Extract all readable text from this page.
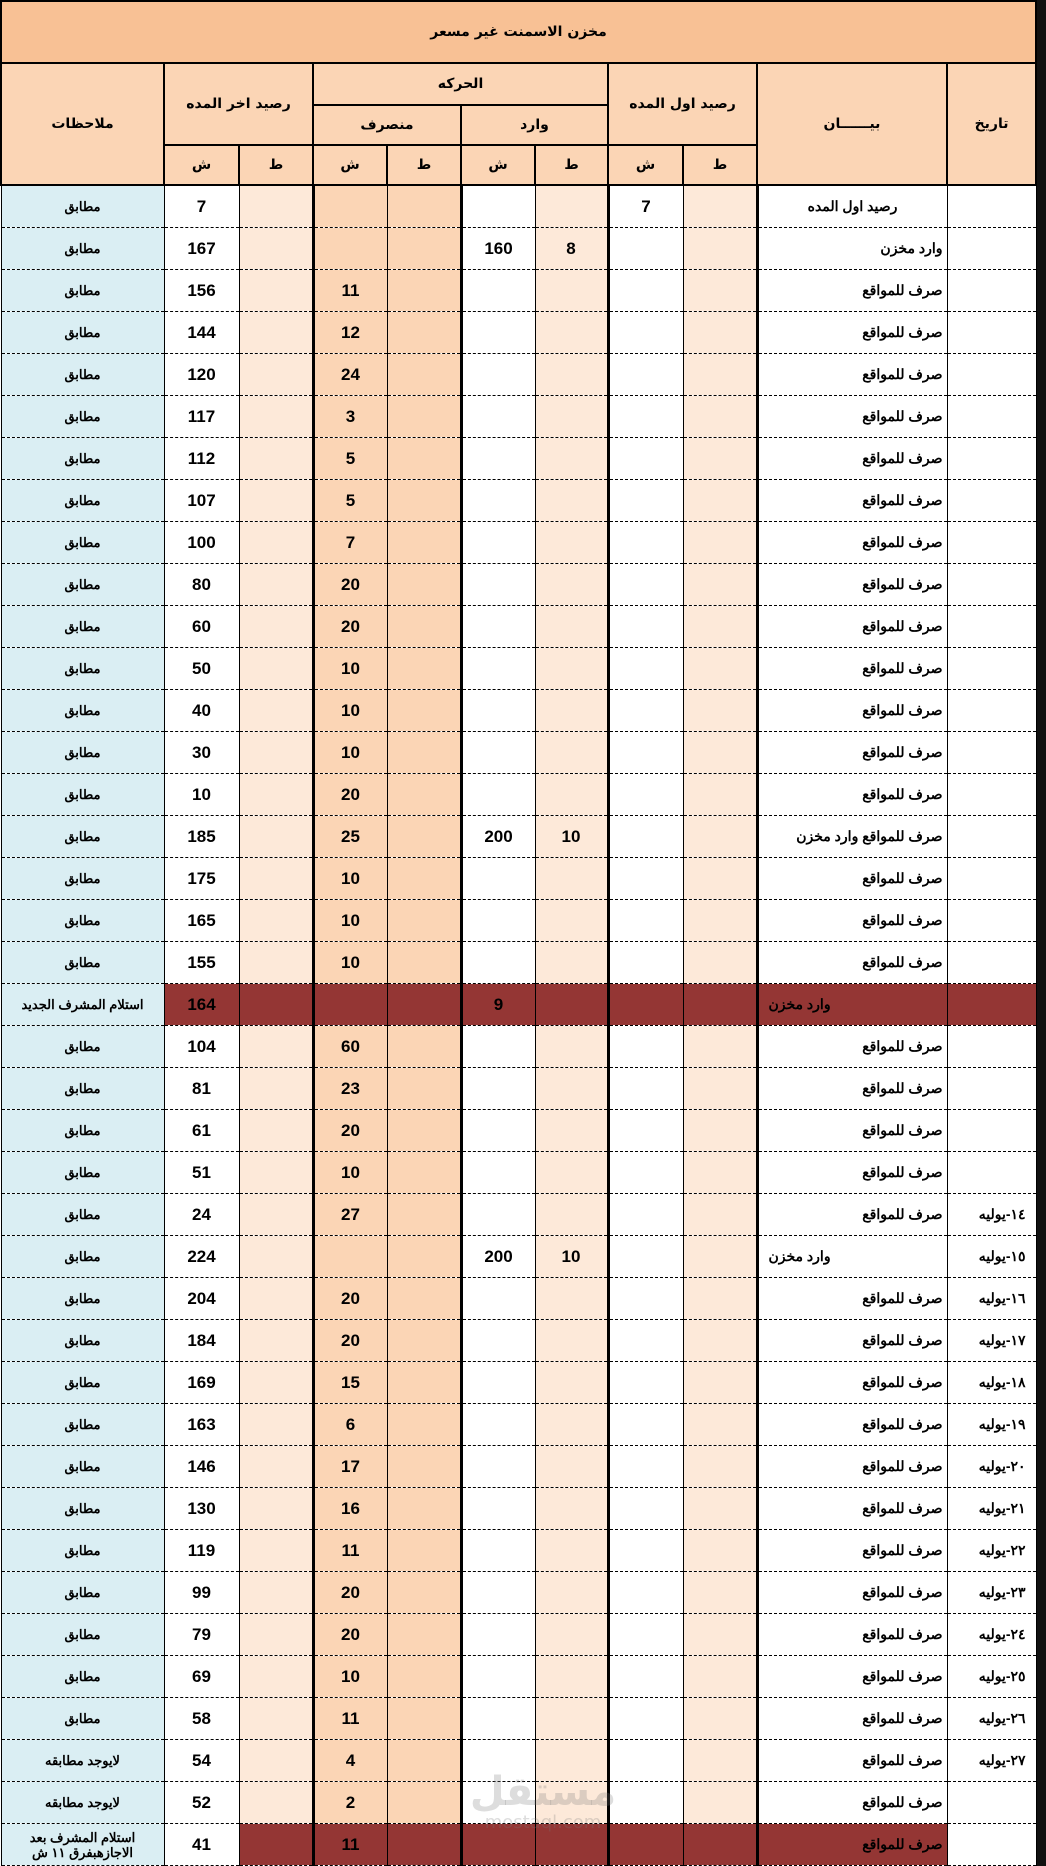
مخزن الاسمنت غير مسعر										
ملاحظات	رصيد اخر المده		الحركه				رصيد اول المده		بيــــــان	تاريخ
			منصرف		وارد					
	ش	ط	ش	ط	ش	ط	ش	ط		
مطابق	7						7		رصيد اول المده	
مطابق	167				160	8			وارد مخزن	
مطابق	156		11						صرف للمواقع	
مطابق	144		12						صرف للمواقع	
مطابق	120		24						صرف للمواقع	
مطابق	117		3						صرف للمواقع	
مطابق	112		5						صرف للمواقع	
مطابق	107		5						صرف للمواقع	
مطابق	100		7						صرف للمواقع	
مطابق	80		20						صرف للمواقع	
مطابق	60		20						صرف للمواقع	
مطابق	50		10						صرف للمواقع	
مطابق	40		10						صرف للمواقع	
مطابق	30		10						صرف للمواقع	
مطابق	10		20						صرف للمواقع	
مطابق	185		25		200	10			صرف للمواقع وارد مخزن	
مطابق	175		10						صرف للمواقع	
مطابق	165		10						صرف للمواقع	
مطابق	155		10						صرف للمواقع	
استلام المشرف الجديد	164				9				وارد مخزن	
مطابق	104		60						صرف للمواقع	
مطابق	81		23						صرف للمواقع	
مطابق	61		20						صرف للمواقع	
مطابق	51		10						صرف للمواقع	
مطابق	24		27						صرف للمواقع	١٤-يوليه
مطابق	224				200	10			وارد مخزن	١٥-يوليه
مطابق	204		20						صرف للمواقع	١٦-يوليه
مطابق	184		20						صرف للمواقع	١٧-يوليه
مطابق	169		15						صرف للمواقع	١٨-يوليه
مطابق	163		6						صرف للمواقع	١٩-يوليه
مطابق	146		17						صرف للمواقع	٢٠-يوليه
مطابق	130		16						صرف للمواقع	٢١-يوليه
مطابق	119		11						صرف للمواقع	٢٢-يوليه
مطابق	99		20						صرف للمواقع	٢٣-يوليه
مطابق	79		20						صرف للمواقع	٢٤-يوليه
مطابق	69		10						صرف للمواقع	٢٥-يوليه
مطابق	58		11						صرف للمواقع	٢٦-يوليه
لايوجد مطابقه	54		4						صرف للمواقع	٢٧-يوليه
لايوجد مطابقه	52		2						صرف للمواقع	
استلام المشرف بعد الاجازهبفرق ١١ ش	41		11						صرف للمواقع	
مستقل
mostaql.com
